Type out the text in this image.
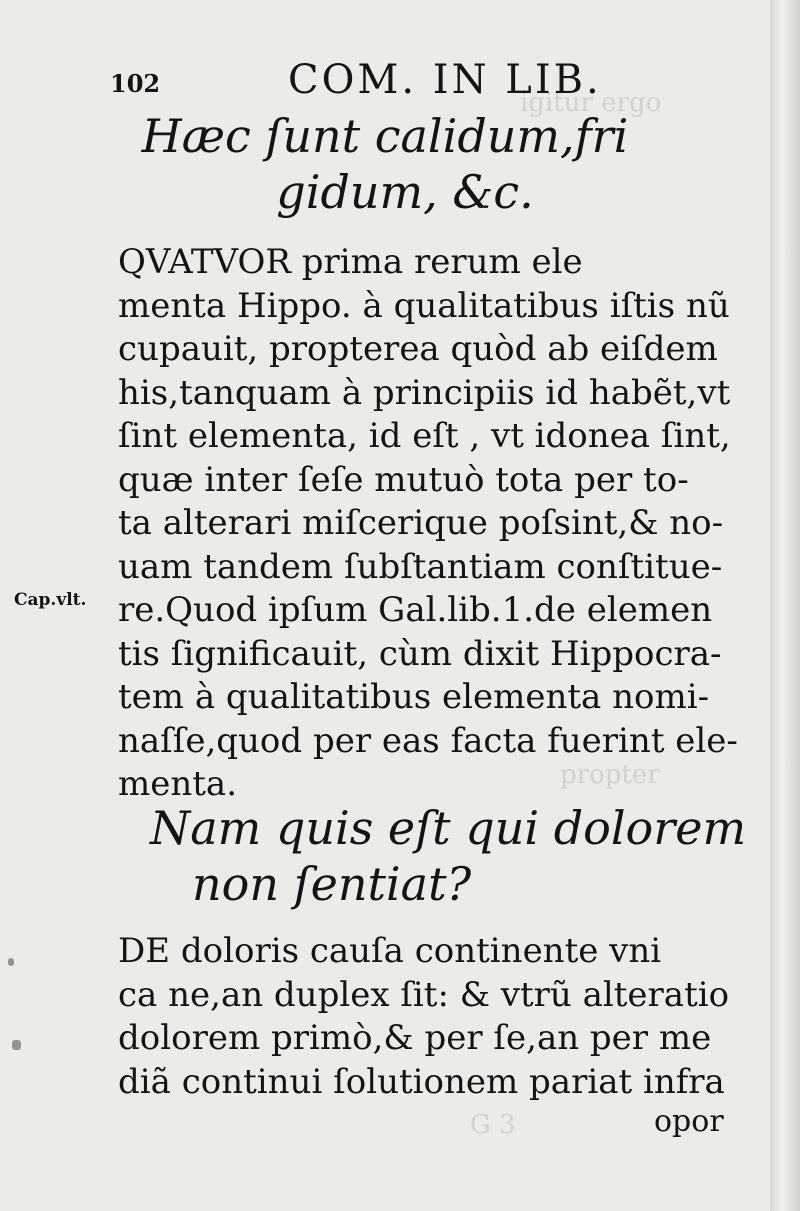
igitur ergo
propter
G 3
102	COM. IN LIB.
Hæc ſunt calidum,fri
gidum, &c.

QVATVOR prima rerum ele
menta Hippo. à qualitatibus iſtis nũ
cupauit, propterea quòd ab eiſdem
his,tanquam à principiis id habẽt,vt
ſint elementa, id eſt , vt idonea ſint,
quæ inter ſeſe mutuò tota per to-
ta alterari miſcerique poſsint,& no-
uam tandem ſubſtantiam conſtitue-
re.Quod ipſum Gal.lib.1.de elemen
tis ſignificauit, cùm dixit Hippocra-
tem à qualitatibus elementa nomi-
naſſe,quod per eas facta fuerint ele-
menta.

Cap.vlt.
Nam quis eſt qui dolorem
non ſentiat?

DE doloris cauſa continente vni
ca ne,an duplex ſit: & vtrũ alteratio
dolorem primò,& per ſe,an per me
diã continui ſolutionem pariat infra

opor
